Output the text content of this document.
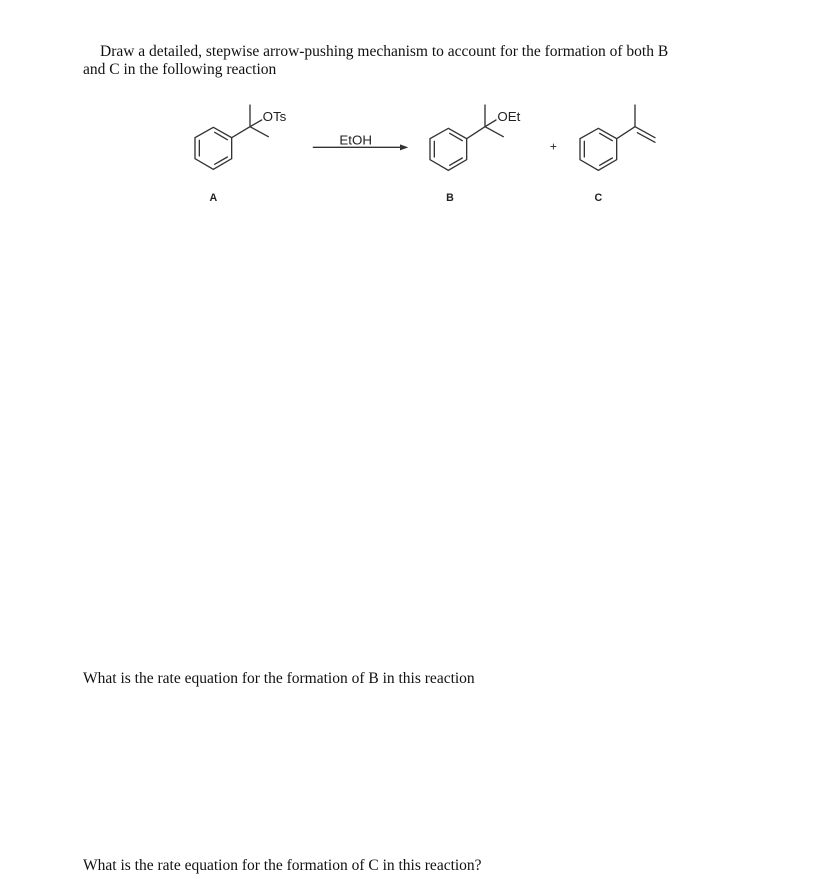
Draw a detailed, stepwise arrow-pushing mechanism to account for the formation of both B
and C in the following reaction
OTs
A
EtOH
OEt
B
+
C
What is the rate equation for the formation of B in this reaction
What is the rate equation for the formation of C in this reaction?
